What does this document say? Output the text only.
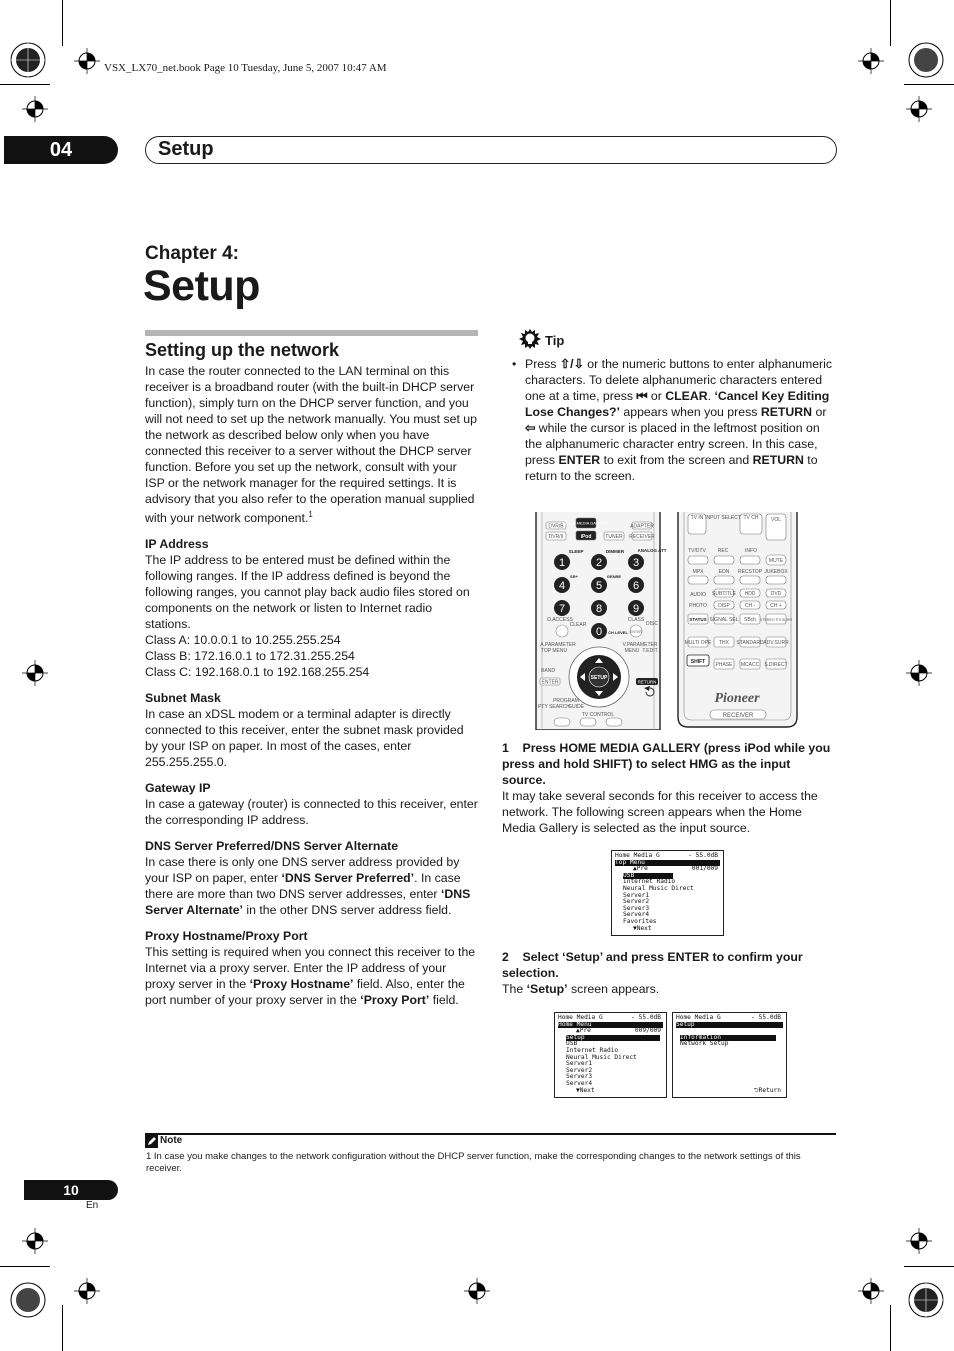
VSX_LX70_net.book Page 10 Tuesday, June 5, 2007 10:47 AM
04	Setup
Chapter 4:
Setup
Setting up the network

In case the router connected to the LAN terminal on this receiver is a broadband router (with the built-in DHCP server function), simply turn on the DHCP server function, and you will not need to set up the network manually. You must set up the network as described below only when you have connected this receiver to a server without the DHCP server function. Before you set up the network, consult with your ISP or the network manager for the required settings. It is advisory that you also refer to the operation manual supplied with your network component.$^1$

IP Address

The IP address to be entered must be defined within the following ranges. If the IP address defined is beyond the following ranges, you cannot play back audio files stored on components on the network or listen to Internet radio stations.

Class A: 10.0.0.1 to 10.255.255.254

Class B: 172.16.0.1 to 172.31.255.254

Class C: 192.168.0.1 to 192.168.255.254

Subnet Mask

In case an xDSL modem or a terminal adapter is directly connected to this receiver, enter the subnet mask provided by your ISP on paper. In most of the cases, enter 255.255.255.0.

Gateway IP

In case a gateway (router) is connected to this receiver, enter the corresponding IP address.

DNS Server Preferred/DNS Server Alternate

In case there is only one DNS server address provided by your ISP on paper, enter ‘DNS Server Preferred’. In case there are more than two DNS server addresses, enter ‘DNS Server Alternate’ in the other DNS server address field.

Proxy Hostname/Proxy Port

This setting is required when you connect this receiver to the Internet via a proxy server. Enter the IP address of your proxy server in the ‘Proxy Hostname’ field. Also, enter the port number of your proxy server in the ‘Proxy Port’ field.

Tip
• Press ⇧/⇩ or the numeric buttons to enter alphanumeric characters. To delete alphanumeric characters entered one at a time, press ⏮ or CLEAR. ‘Cancel Key Editing Lose Changes?’ appears when you press RETURN or ⇦ while the cursor is placed in the leftmost position on the alphanumeric character entry screen. In this case, press ENTER to exit from the screen and RETURN to return to the screen.
DVR/B
HOME MEDIA GALLERY
ADAPTER
DVR/II	iPod	TUNER RECEIVER
SLEEP	DIMMER	ANALOG ATT
1	2	3
4	5	6
7	8	9
0
SR+	GENRE
D.ACCESS	CLASS
DISC
CLEAR
ENTER
CH LEVEL
A.PARAMETER
TOP MENU
V.PARAMETER
MENU T.EDIT
SETUP
BAND
ENTER	RETURN
PROGRAM
PTY SEARCH
GUIDE
TV CONTROL
TV IN INPUT SELECT TV CH VOL
TV/DTV REC	INFO
MUTE
MPX	EON RECSTOP JUKEBOX
AUDIO SUBTITLE HDD	DVD
PHOTO DISP	CH -	CH +
STATUS SIGNAL SEL SBch STEREO F.S.SURR
MULTI OPE THX STANDARD ADV.SURR
SHIFT PHASE MCACC S.DIRECT
Pioneer
RECEIVER
1 Press HOME MEDIA GALLERY (press iPod while you press and hold SHIFT) to select HMG as the input source.
It may take several seconds for this receiver to access the network. The following screen appears when the Home Media Gallery is selected as the input source.
Home Media G	- 55.0dB
Top Menu
▲Pre	001/009
USB
Internet Radio
Neural Music Direct
Server1
Server2
Server3
Server4
Favorites
▼Next
2 Select ‘Setup’ and press ENTER to confirm your selection.
The ‘Setup’ screen appears.
Home Media G	- 55.0dB
Home Menu
▲Pre	009/009
Setup
USB
Internet Radio
Neural Music Direct
Server1
Server2
Server3
Server4
▼Next
Home Media G	- 55.0dB
Setup
Information
Network Setup
⮌Return
Note
1 In case you make changes to the network configuration without the DHCP server function, make the corresponding changes to the network settings of this receiver.
10
En
